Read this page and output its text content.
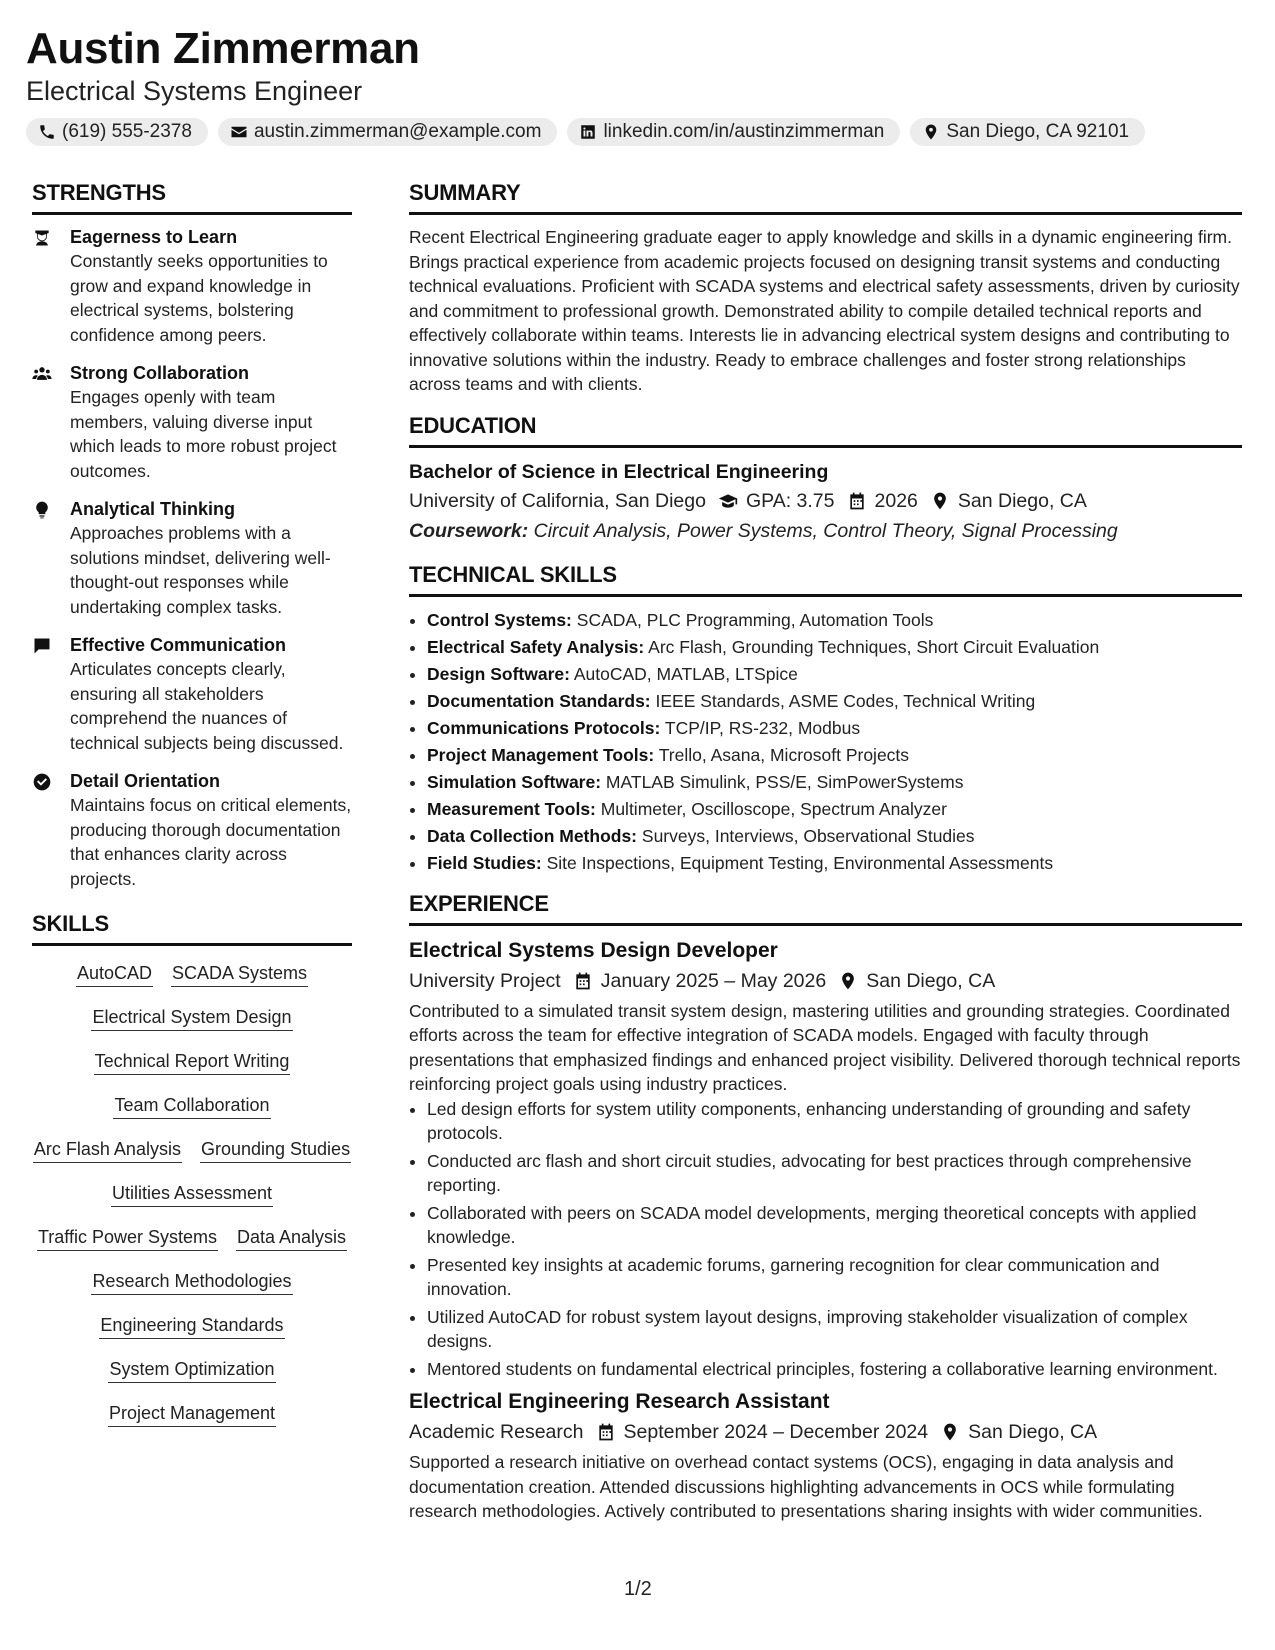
Austin Zimmerman
Electrical Systems Engineer
(619) 555-2378	austin.zimmerman@example.com	linkedin.com/in/austinzimmerman	San Diego, CA 92101
STRENGTHS
Eagerness to Learn
Constantly seeks opportunities to grow and expand knowledge in electrical systems, bolstering confidence among peers.
Strong Collaboration
Engages openly with team members, valuing diverse input which leads to more robust project outcomes.
Analytical Thinking
Approaches problems with a solutions mindset, delivering well-thought-out responses while undertaking complex tasks.
Effective Communication
Articulates concepts clearly, ensuring all stakeholders comprehend the nuances of technical subjects being discussed.
Detail Orientation
Maintains focus on critical elements, producing thorough documentation that enhances clarity across projects.
SKILLS
AutoCAD SCADA Systems
Electrical System Design
Technical Report Writing
Team Collaboration
Arc Flash Analysis Grounding Studies
Utilities Assessment
Traffic Power Systems Data Analysis
Research Methodologies
Engineering Standards
System Optimization
Project Management
SUMMARY
Recent Electrical Engineering graduate eager to apply knowledge and skills in a dynamic engineering firm. Brings practical experience from academic projects focused on designing transit systems and conducting technical evaluations. Proficient with SCADA systems and electrical safety assessments, driven by curiosity and commitment to professional growth. Demonstrated ability to compile detailed technical reports and effectively collaborate within teams. Interests lie in advancing electrical system designs and contributing to innovative solutions within the industry. Ready to embrace challenges and foster strong relationships across teams and with clients.
EDUCATION
Bachelor of Science in Electrical Engineering
University of California, San Diego GPA: 3.75 2026 San Diego, CA
Coursework: Circuit Analysis, Power Systems, Control Theory, Signal Processing
TECHNICAL SKILLS
• Control Systems: SCADA, PLC Programming, Automation Tools
• Electrical Safety Analysis: Arc Flash, Grounding Techniques, Short Circuit Evaluation
• Design Software: AutoCAD, MATLAB, LTSpice
• Documentation Standards: IEEE Standards, ASME Codes, Technical Writing
• Communications Protocols: TCP/IP, RS-232, Modbus
• Project Management Tools: Trello, Asana, Microsoft Projects
• Simulation Software: MATLAB Simulink, PSS/E, SimPowerSystems
• Measurement Tools: Multimeter, Oscilloscope, Spectrum Analyzer
• Data Collection Methods: Surveys, Interviews, Observational Studies
• Field Studies: Site Inspections, Equipment Testing, Environmental Assessments
EXPERIENCE
Electrical Systems Design Developer
University Project January 2025 – May 2026 San Diego, CA
Contributed to a simulated transit system design, mastering utilities and grounding strategies. Coordinated efforts across the team for effective integration of SCADA models. Engaged with faculty through presentations that emphasized findings and enhanced project visibility. Delivered thorough technical reports reinforcing project goals using industry practices.
• Led design efforts for system utility components, enhancing understanding of grounding and safety protocols.
• Conducted arc flash and short circuit studies, advocating for best practices through comprehensive reporting.
• Collaborated with peers on SCADA model developments, merging theoretical concepts with applied knowledge.
• Presented key insights at academic forums, garnering recognition for clear communication and innovation.
• Utilized AutoCAD for robust system layout designs, improving stakeholder visualization of complex designs.
• Mentored students on fundamental electrical principles, fostering a collaborative learning environment.
Electrical Engineering Research Assistant
Academic Research September 2024 – December 2024 San Diego, CA
Supported a research initiative on overhead contact systems (OCS), engaging in data analysis and documentation creation. Attended discussions highlighting advancements in OCS while formulating research methodologies. Actively contributed to presentations sharing insights with wider communities.
1/2
